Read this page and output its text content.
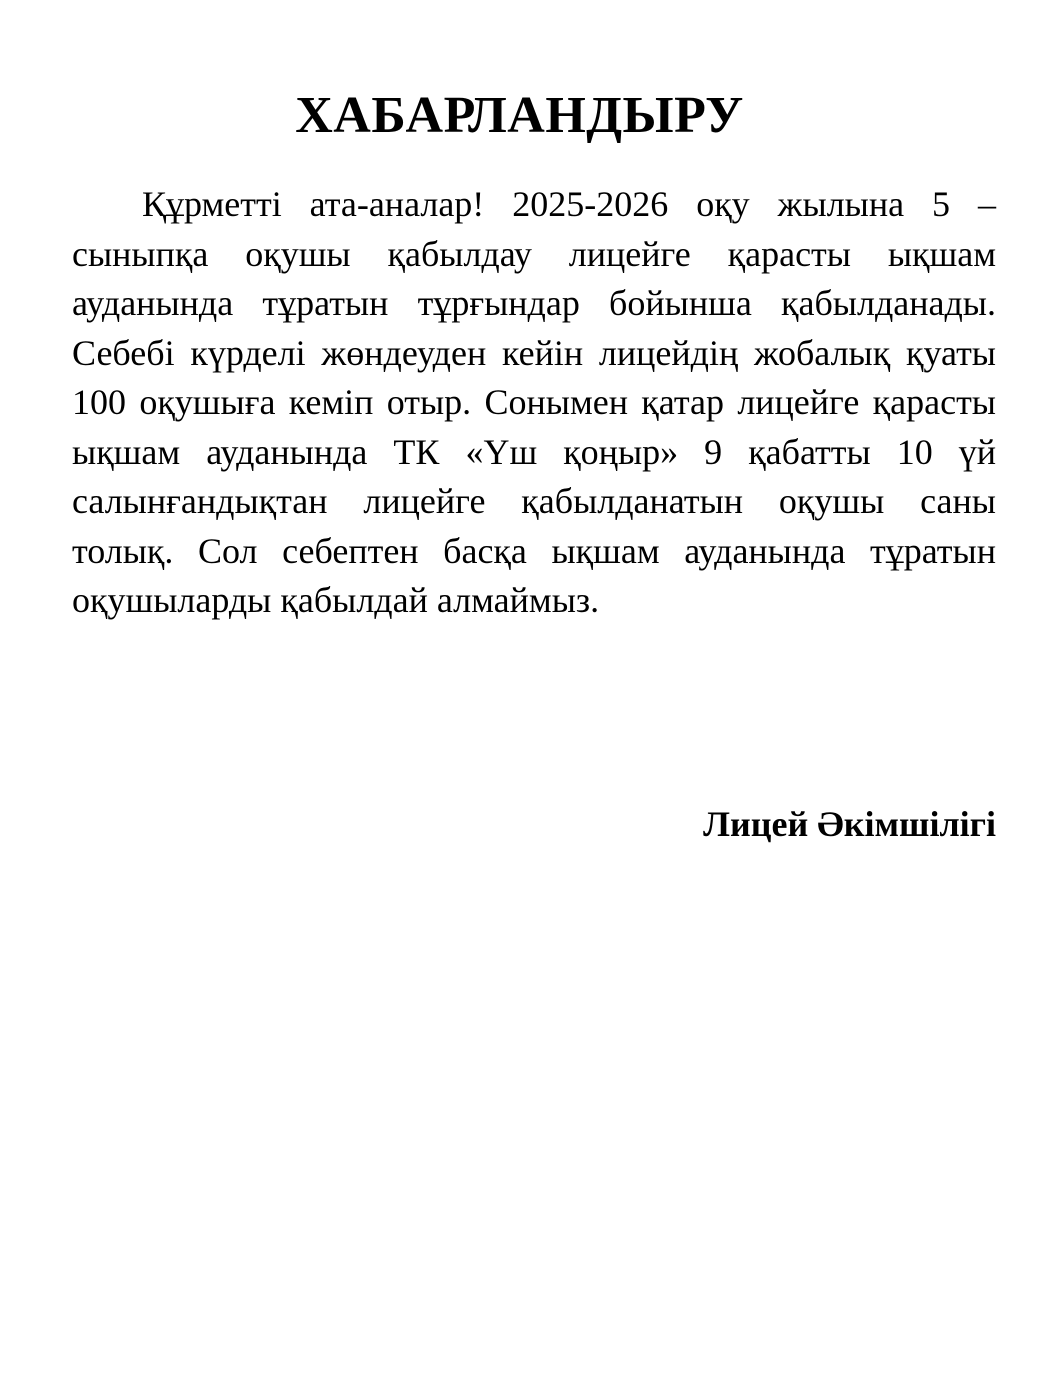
ХАБАРЛАНДЫРУ

Құрметті ата-аналар! 2025-2026 оқу жылына 5 – сыныпқа оқушы қабылдау лицейге қарасты ықшам ауданында тұратын тұрғындар бойынша қабылданады. Себебі күрделі жөндеуден кейін лицейдің жобалық қуаты 100 оқушыға кеміп отыр. Сонымен қатар лицейге қарасты ықшам ауданында ТК «Үш қоңыр» 9 қабатты 10 үй салынғандықтан лицейге қабылданатын оқушы саны толық. Сол себептен басқа ықшам ауданында тұратын оқушыларды қабылдай алмаймыз.

Лицей Әкімшілігі
